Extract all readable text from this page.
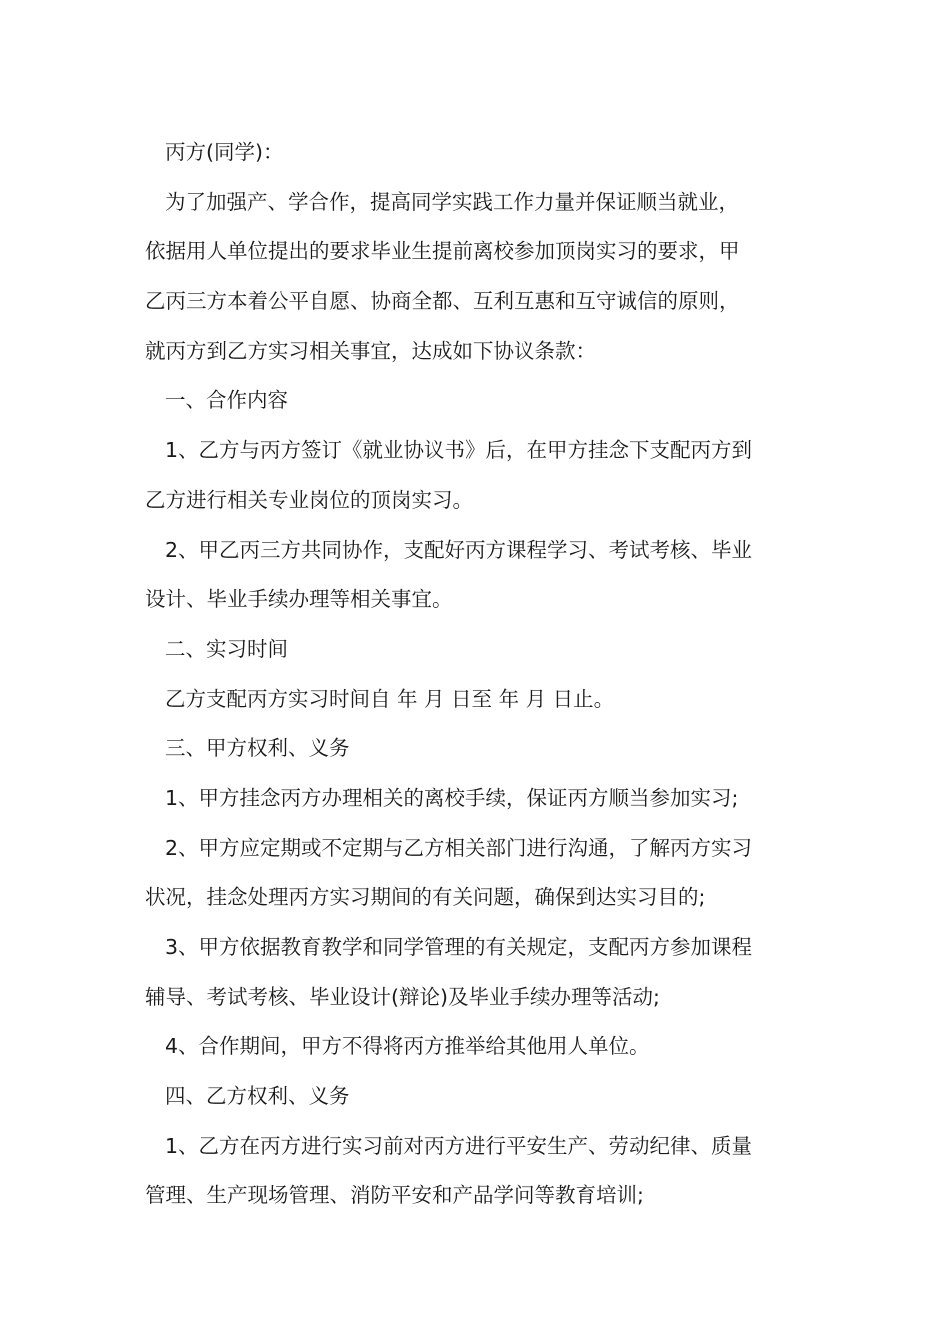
丙方(同学)：

为了加强产、学合作，提高同学实践工作力量并保证顺当就业，

依据用人单位提出的要求毕业生提前离校参加顶岗实习的要求，甲

乙丙三方本着公平自愿、协商全都、互利互惠和互守诚信的原则，

就丙方到乙方实习相关事宜，达成如下协议条款：

一、合作内容

1、乙方与丙方签订《就业协议书》后，在甲方挂念下支配丙方到

乙方进行相关专业岗位的顶岗实习。

2、甲乙丙三方共同协作，支配好丙方课程学习、考试考核、毕业

设计、毕业手续办理等相关事宜。

二、实习时间

乙方支配丙方实习时间自 年 月 日至 年 月 日止。

三、甲方权利、义务

1、甲方挂念丙方办理相关的离校手续，保证丙方顺当参加实习;

2、甲方应定期或不定期与乙方相关部门进行沟通，了解丙方实习

状况，挂念处理丙方实习期间的有关问题，确保到达实习目的;

3、甲方依据教育教学和同学管理的有关规定，支配丙方参加课程

辅导、考试考核、毕业设计(辩论)及毕业手续办理等活动;

4、合作期间，甲方不得将丙方推举给其他用人单位。

四、乙方权利、义务

1、乙方在丙方进行实习前对丙方进行平安生产、劳动纪律、质量

管理、生产现场管理、消防平安和产品学问等教育培训;
